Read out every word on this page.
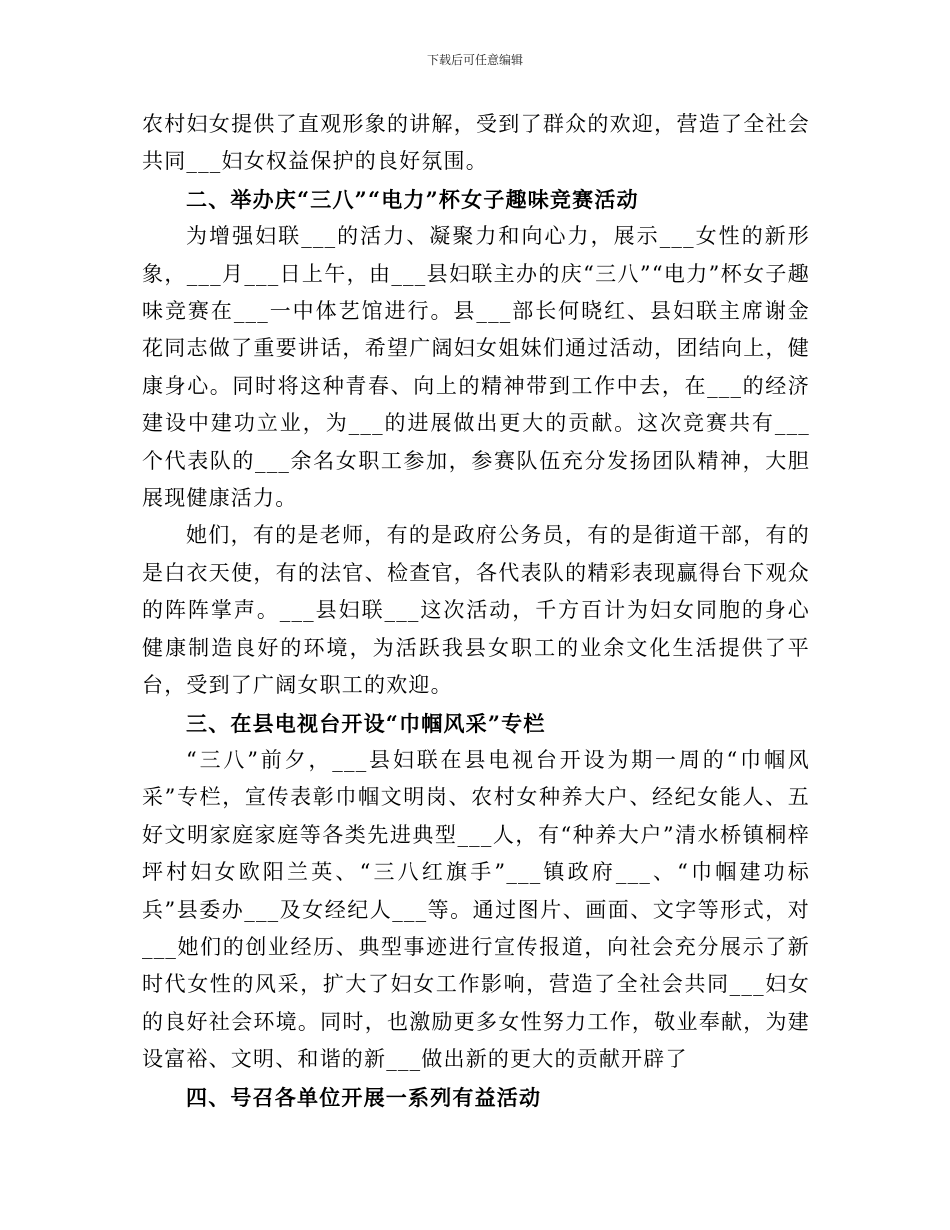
下载后可任意编辑

农村妇女提供了直观形象的讲解，受到了群众的欢迎，营造了全社会共同___妇女权益保护的良好氛围。

二、举办庆“三八”“电力”杯女子趣味竞赛活动

为增强妇联___的活力、凝聚力和向心力，展示___女性的新形象，___月___日上午，由___县妇联主办的庆“三八”“电力”杯女子趣味竞赛在___一中体艺馆进行。县___部长何晓红、县妇联主席谢金花同志做了重要讲话，希望广阔妇女姐妹们通过活动，团结向上，健康身心。同时将这种青春、向上的精神带到工作中去，在___的经济建设中建功立业，为___的进展做出更大的贡献。这次竞赛共有___个代表队的___余名女职工参加，参赛队伍充分发扬团队精神，大胆展现健康活力。

她们，有的是老师，有的是政府公务员，有的是街道干部，有的是白衣天使，有的法官、检查官，各代表队的精彩表现赢得台下观众的阵阵掌声。___县妇联___这次活动，千方百计为妇女同胞的身心健康制造良好的环境，为活跃我县女职工的业余文化生活提供了平台，受到了广阔女职工的欢迎。

三、在县电视台开设“巾帼风采”专栏

“三八”前夕，___县妇联在县电视台开设为期一周的“巾帼风采”专栏，宣传表彰巾帼文明岗、农村女种养大户、经纪女能人、五好文明家庭家庭等各类先进典型___人，有“种养大户”清水桥镇桐梓坪村妇女欧阳兰英、“三八红旗手”___镇政府___、“巾帼建功标兵”县委办___及女经纪人___等。通过图片、画面、文字等形式，对___她们的创业经历、典型事迹进行宣传报道，向社会充分展示了新时代女性的风采，扩大了妇女工作影响，营造了全社会共同___妇女的良好社会环境。同时，也激励更多女性努力工作，敬业奉献，为建设富裕、文明、和谐的新___做出新的更大的贡献开辟了

四、号召各单位开展一系列有益活动
